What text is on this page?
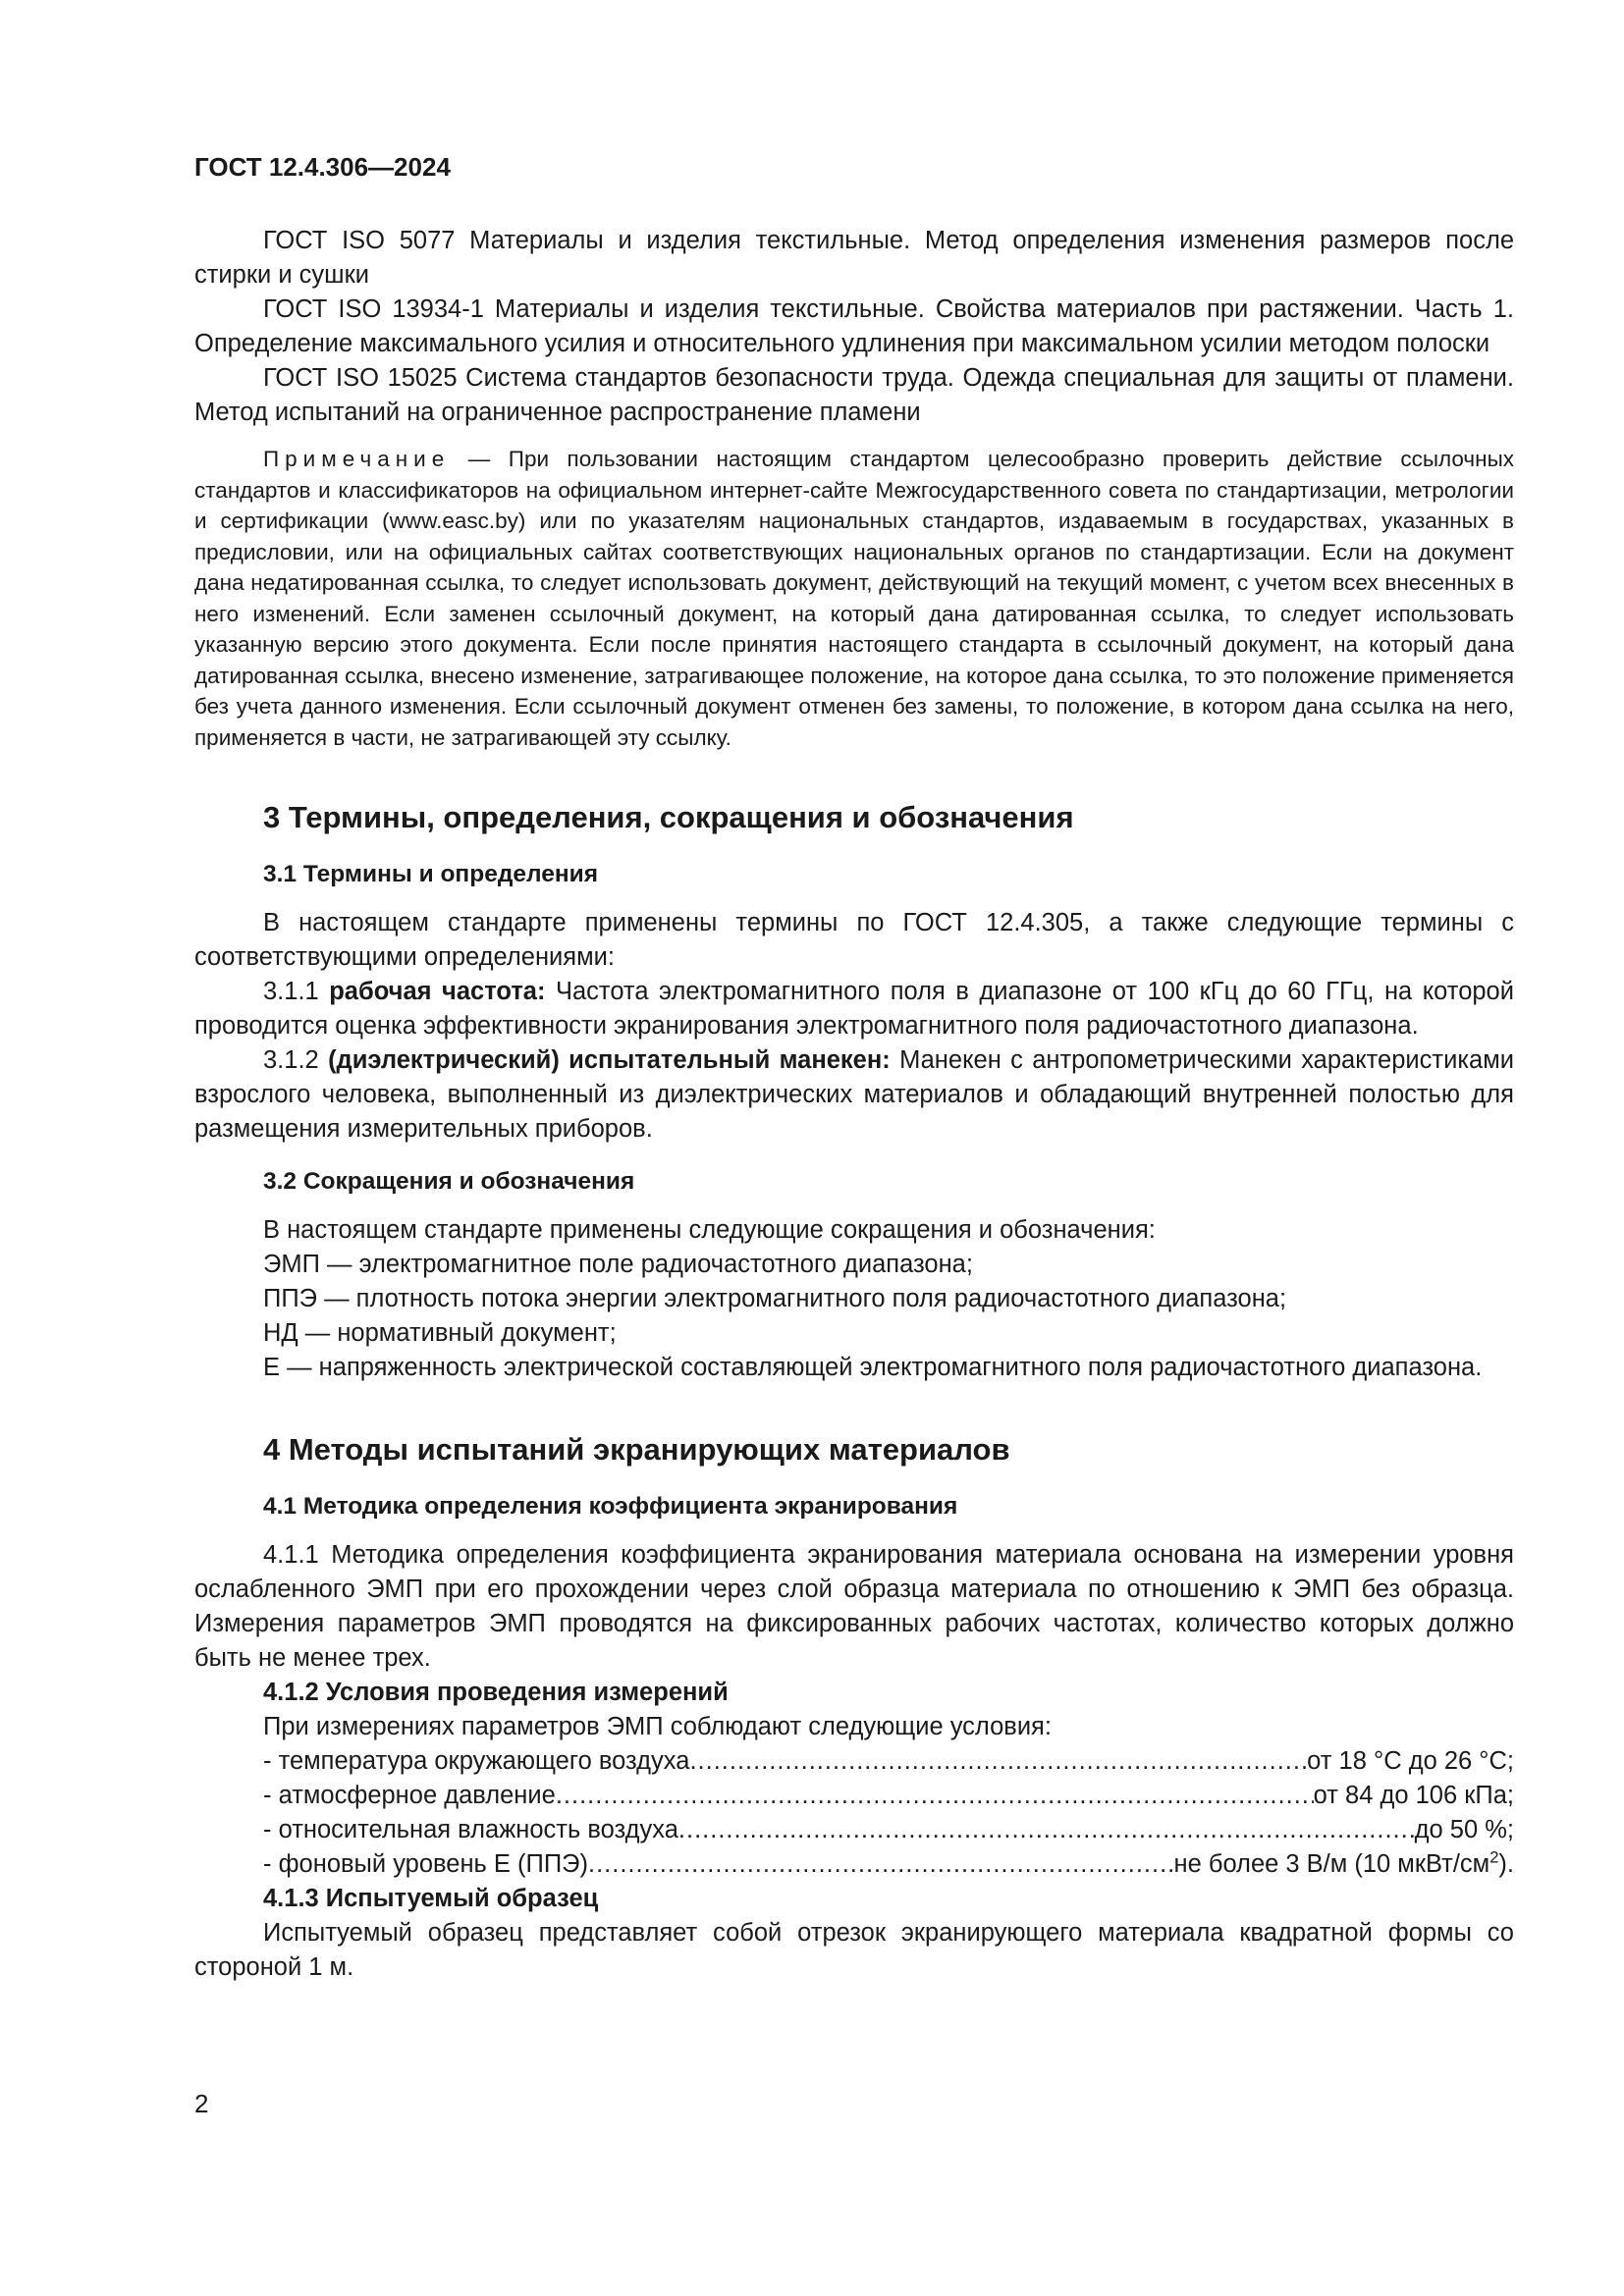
ГОСТ 12.4.306—2024

ГОСТ ISO 5077 Материалы и изделия текстильные. Метод определения изменения размеров после стирки и сушки

ГОСТ ISO 13934-1 Материалы и изделия текстильные. Свойства материалов при растяжении. Часть 1. Определение максимального усилия и относительного удлинения при максимальном усилии методом полоски

ГОСТ ISO 15025 Система стандартов безопасности труда. Одежда специальная для защиты от пламени. Метод испытаний на ограниченное распространение пламени

Примечание — При пользовании настоящим стандартом целесообразно проверить действие ссылочных стандартов и классификаторов на официальном интернет-сайте Межгосударственного совета по стандартизации, метрологии и сертификации (www.easc.by) или по указателям национальных стандартов, издаваемым в государствах, указанных в предисловии, или на официальных сайтах соответствующих национальных органов по стандартизации. Если на документ дана недатированная ссылка, то следует использовать документ, действующий на текущий момент, с учетом всех внесенных в него изменений. Если заменен ссылочный документ, на который дана датированная ссылка, то следует использовать указанную версию этого документа. Если после принятия настоящего стандарта в ссылочный документ, на который дана датированная ссылка, внесено изменение, затрагивающее положение, на которое дана ссылка, то это положение применяется без учета данного изменения. Если ссылочный документ отменен без замены, то положение, в котором дана ссылка на него, применяется в части, не затрагивающей эту ссылку.

3 Термины, определения, сокращения и обозначения
3.1 Термины и определения

В настоящем стандарте применены термины по ГОСТ 12.4.305, а также следующие термины с соответствующими определениями:

3.1.1 рабочая частота: Частота электромагнитного поля в диапазоне от 100 кГц до 60 ГГц, на которой проводится оценка эффективности экранирования электромагнитного поля радиочастотного диапазона.

3.1.2 (диэлектрический) испытательный манекен: Манекен с антропометрическими характеристиками взрослого человека, выполненный из диэлектрических материалов и обладающий внутренней полостью для размещения измерительных приборов.

3.2 Сокращения и обозначения

В настоящем стандарте применены следующие сокращения и обозначения:

ЭМП — электромагнитное поле радиочастотного диапазона;

ППЭ — плотность потока энергии электромагнитного поля радиочастотного диапазона;

НД — нормативный документ;

Е — напряженность электрической составляющей электромагнитного поля радиочастотного диапазона.

4 Методы испытаний экранирующих материалов
4.1 Методика определения коэффициента экранирования

4.1.1 Методика определения коэффициента экранирования материала основана на измерении уровня ослабленного ЭМП при его прохождении через слой образца материала по отношению к ЭМП без образца. Измерения параметров ЭМП проводятся на фиксированных рабочих частотах, количество которых должно быть не менее трех.

4.1.2 Условия проведения измерений

При измерениях параметров ЭМП соблюдают следующие условия:

- температура окружающего воздуха .....	от 18 °С до 26 °С;
- атмосферное давление .....	от 84 до 106 кПа;
- относительная влажность воздуха .....	до 50 %;
- фоновый уровень Е (ППЭ) .....	не более 3 В/м (10 мкВт/$см^2$).
4.1.3 Испытуемый образец

Испытуемый образец представляет собой отрезок экранирующего материала квадратной формы со стороной 1 м.

2
